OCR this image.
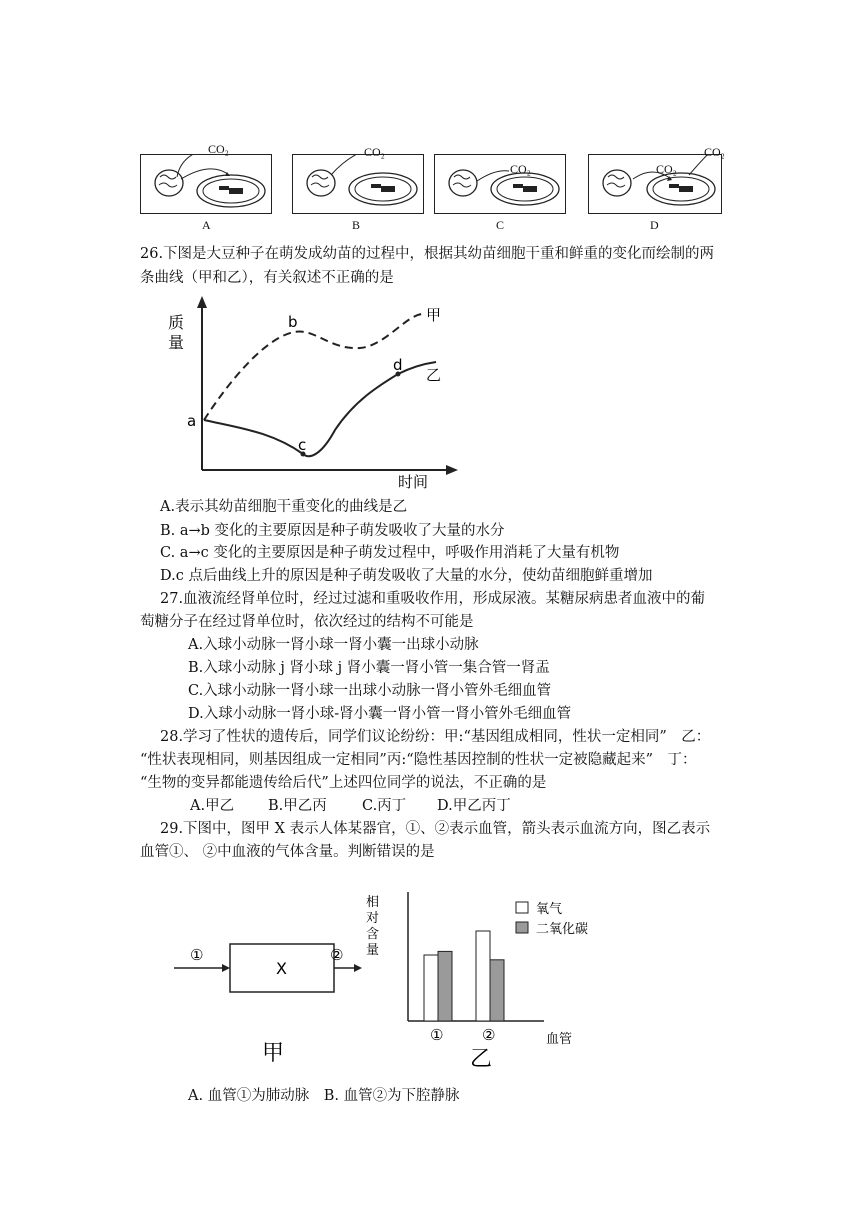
CO₂	CO₂
CO₂	CO₂
CO₂
A	B	C	D
26.下图是大豆种子在萌发成幼苗的过程中，根据其幼苗细胞干重和鲜重的变化而绘制的两
条曲线（甲和乙），有关叙述不正确的是
质
量
时间
甲
乙
a
b
c
d
A.表示其幼苗细胞干重变化的曲线是乙
B. a→b 变化的主要原因是种子萌发吸收了大量的水分
C. a→c 变化的主要原因是种子萌发过程中，呼吸作用消耗了大量有机物
D.c 点后曲线上升的原因是种子萌发吸收了大量的水分，使幼苗细胞鲜重增加
27.血液流经肾单位时，经过过滤和重吸收作用，形成尿液。某糖尿病患者血液中的葡
萄糖分子在经过肾单位时，依次经过的结构不可能是
A.入球小动脉一肾小球一肾小囊一出球小动脉
B.入球小动脉 j 肾小球 j 肾小囊一肾小管一集合管一肾盂
C.入球小动脉一肾小球一出球小动脉一肾小管外毛细血管
D.入球小动脉一肾小球-肾小囊一肾小管一肾小管外毛细血管
28.学习了性状的遗传后，同学们议论纷纷：甲:“基因组成相同，性状一定相同”　乙：
“性状表现相同，则基因组成一定相同”丙:“隐性基因控制的性状一定被隐藏起来”　丁：
“生物的变异都能遗传给后代”上述四位同学的说法，不正确的是
A.甲乙 B.甲乙丙 C.丙丁 D.甲乙丙丁
29.下图中，图甲 X 表示人体某器官，①、②表示血管，箭头表示血流方向，图乙表示
血管①、 ②中血液的气体含量。判断错误的是
①
X
②
甲
相
对
含
量
①	②
氧气
二氧化碳
血管
乙
A. 血管①为肺动脉　B. 血管②为下腔静脉
